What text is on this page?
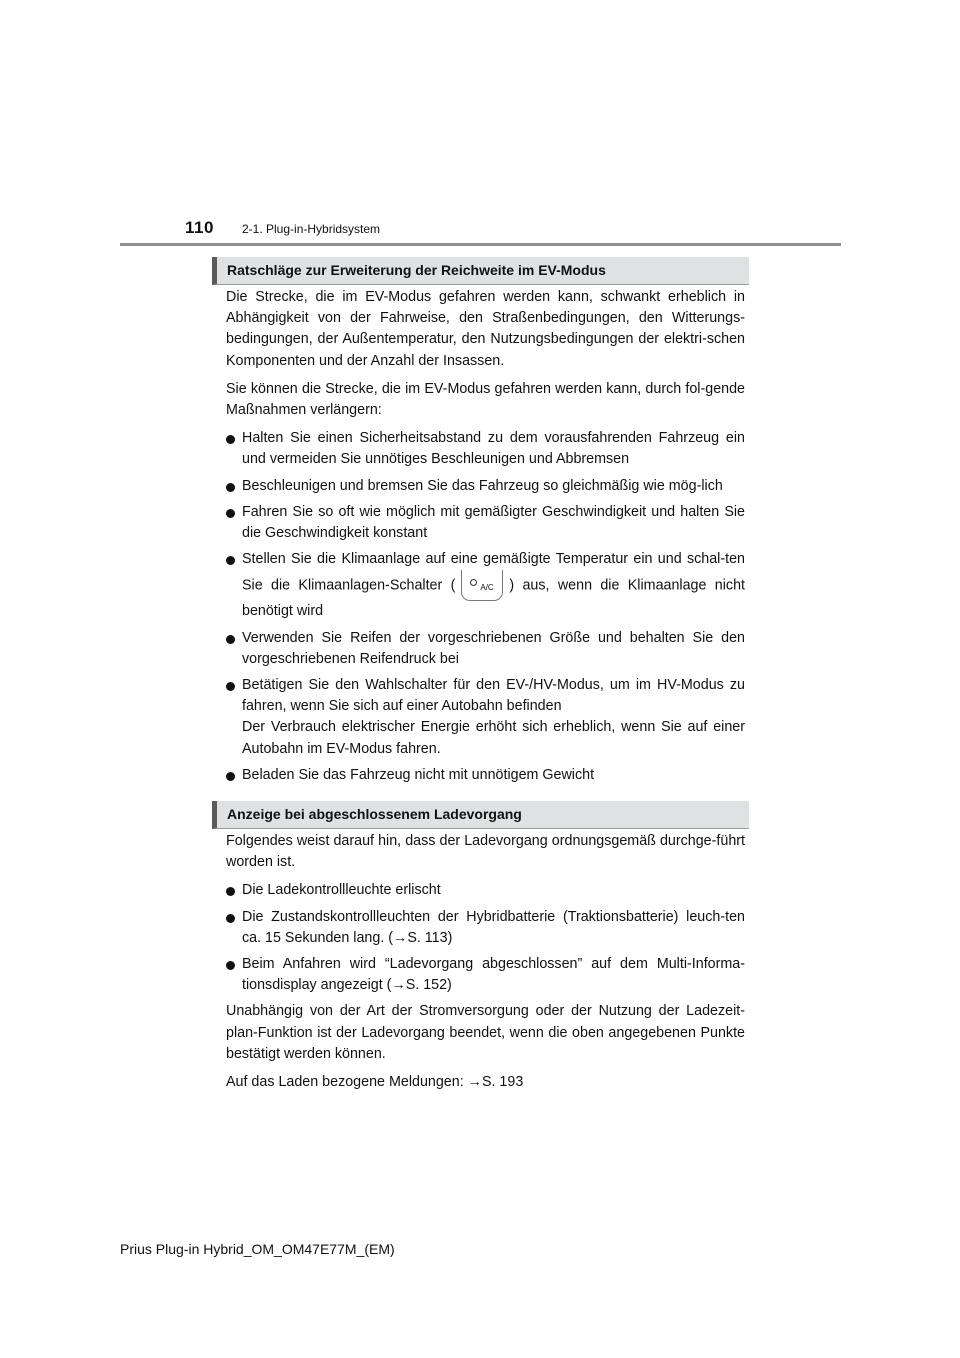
110 2-1. Plug-in-Hybridsystem
Ratschläge zur Erweiterung der Reichweite im EV-Modus

Die Strecke, die im EV-Modus gefahren werden kann, schwankt erheblich in Abhängigkeit von der Fahrweise, den Straßenbedingungen, den Witterungs-bedingungen, der Außentemperatur, den Nutzungsbedingungen der elektri-schen Komponenten und der Anzahl der Insassen.

Sie können die Strecke, die im EV-Modus gefahren werden kann, durch fol-gende Maßnahmen verlängern:

Halten Sie einen Sicherheitsabstand zu dem vorausfahrenden Fahrzeug ein und vermeiden Sie unnötiges Beschleunigen und Abbremsen
Beschleunigen und bremsen Sie das Fahrzeug so gleichmäßig wie mög-lich
Fahren Sie so oft wie möglich mit gemäßigter Geschwindigkeit und halten Sie die Geschwindigkeit konstant
Stellen Sie die Klimaanlage auf eine gemäßigte Temperatur ein und schal-ten Sie die Klimaanlagen-Schalter (	A/C ) aus, wenn die Klimaanlage nicht benötigt wird
Verwenden Sie Reifen der vorgeschriebenen Größe und behalten Sie den vorgeschriebenen Reifendruck bei
Betätigen Sie den Wahlschalter für den EV-/HV-Modus, um im HV-Modus zu fahren, wenn Sie sich auf einer Autobahn befinden
Der Verbrauch elektrischer Energie erhöht sich erheblich, wenn Sie auf einer Autobahn im EV-Modus fahren.
Beladen Sie das Fahrzeug nicht mit unnötigem Gewicht
Anzeige bei abgeschlossenem Ladevorgang

Folgendes weist darauf hin, dass der Ladevorgang ordnungsgemäß durchge-führt worden ist.

Die Ladekontrollleuchte erlischt
Die Zustandskontrollleuchten der Hybridbatterie (Traktionsbatterie) leuch-ten ca. 15 Sekunden lang. (→S. 113)
Beim Anfahren wird “Ladevorgang abgeschlossen” auf dem Multi-Informa-tionsdisplay angezeigt (→S. 152)

Unabhängig von der Art der Stromversorgung oder der Nutzung der Ladezeit-plan-Funktion ist der Ladevorgang beendet, wenn die oben angegebenen Punkte bestätigt werden können.

Auf das Laden bezogene Meldungen: →S. 193

Prius Plug-in Hybrid_OM_OM47E77M_(EM)
